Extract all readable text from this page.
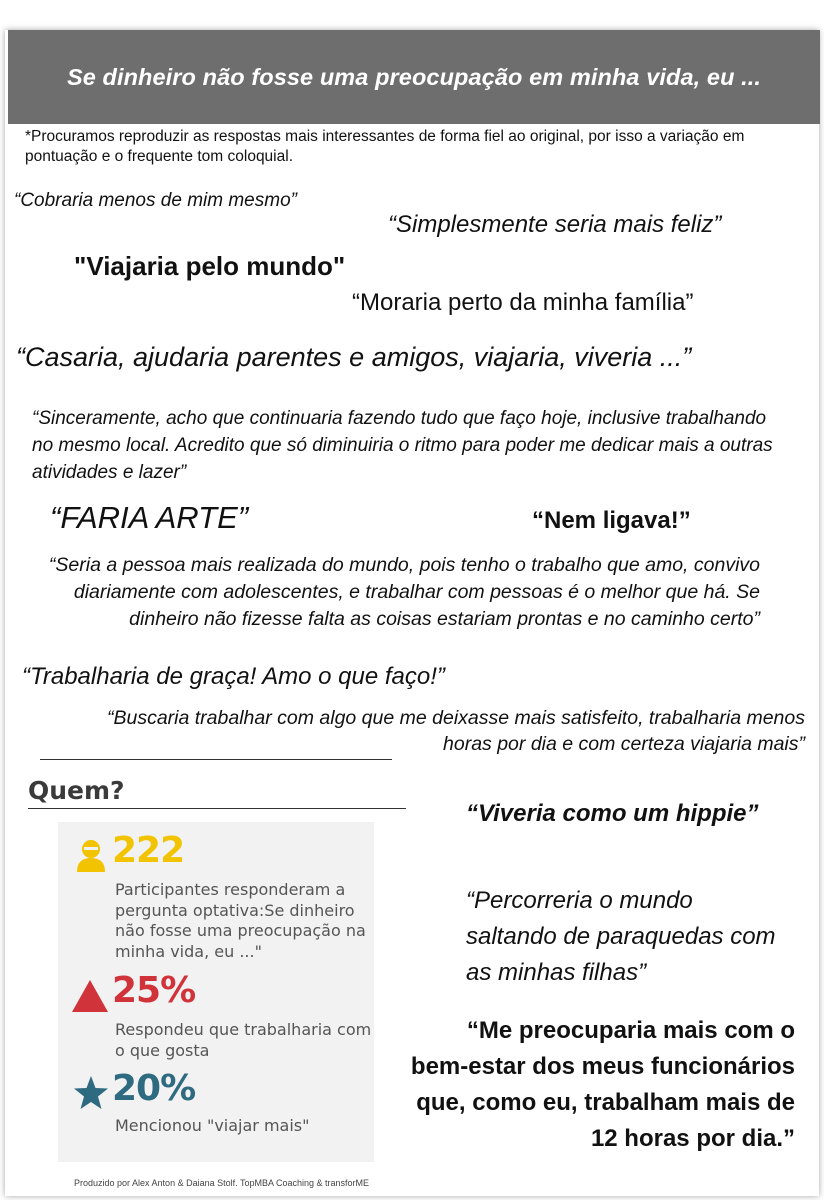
Se dinheiro não fosse uma preocupação em minha vida, eu ...
*Procuramos reproduzir as respostas mais interessantes de forma fiel ao original, por isso a variação em pontuação e o frequente tom coloquial.
“Cobraria menos de mim mesmo”
“Simplesmente seria mais feliz”
"Viajaria pelo mundo"
“Moraria perto da minha família”
“Casaria, ajudaria parentes e amigos, viajaria, viveria ...”
“Sinceramente, acho que continuaria fazendo tudo que faço hoje, inclusive trabalhando no mesmo local. Acredito que só diminuiria o ritmo para poder me dedicar mais a outras atividades e lazer”
“FARIA ARTE”	“Nem ligava!”
“Seria a pessoa mais realizada do mundo, pois tenho o trabalho que amo, convivo diariamente com adolescentes, e trabalhar com pessoas é o melhor que há. Se dinheiro não fizesse falta as coisas estariam prontas e no caminho certo”
“Trabalharia de graça! Amo o que faço!”
“Buscaria trabalhar com algo que me deixasse mais satisfeito, trabalharia menos horas por dia e com certeza viajaria mais”
Quem?
“Viveria como um hippie”
“Percorreria o mundo saltando de paraquedas com as minhas filhas”
“Me preocuparia mais com o bem-estar dos meus funcionários que, como eu, trabalham mais de 12 horas por dia.”
222
Participantes responderam a pergunta optativa:Se dinheiro não fosse uma preocupação na minha vida, eu ..."
25%
Respondeu que trabalharia com o que gosta
20%
Mencionou "viajar mais"
Produzido por Alex Anton & Daiana Stolf. TopMBA Coaching & transforME
